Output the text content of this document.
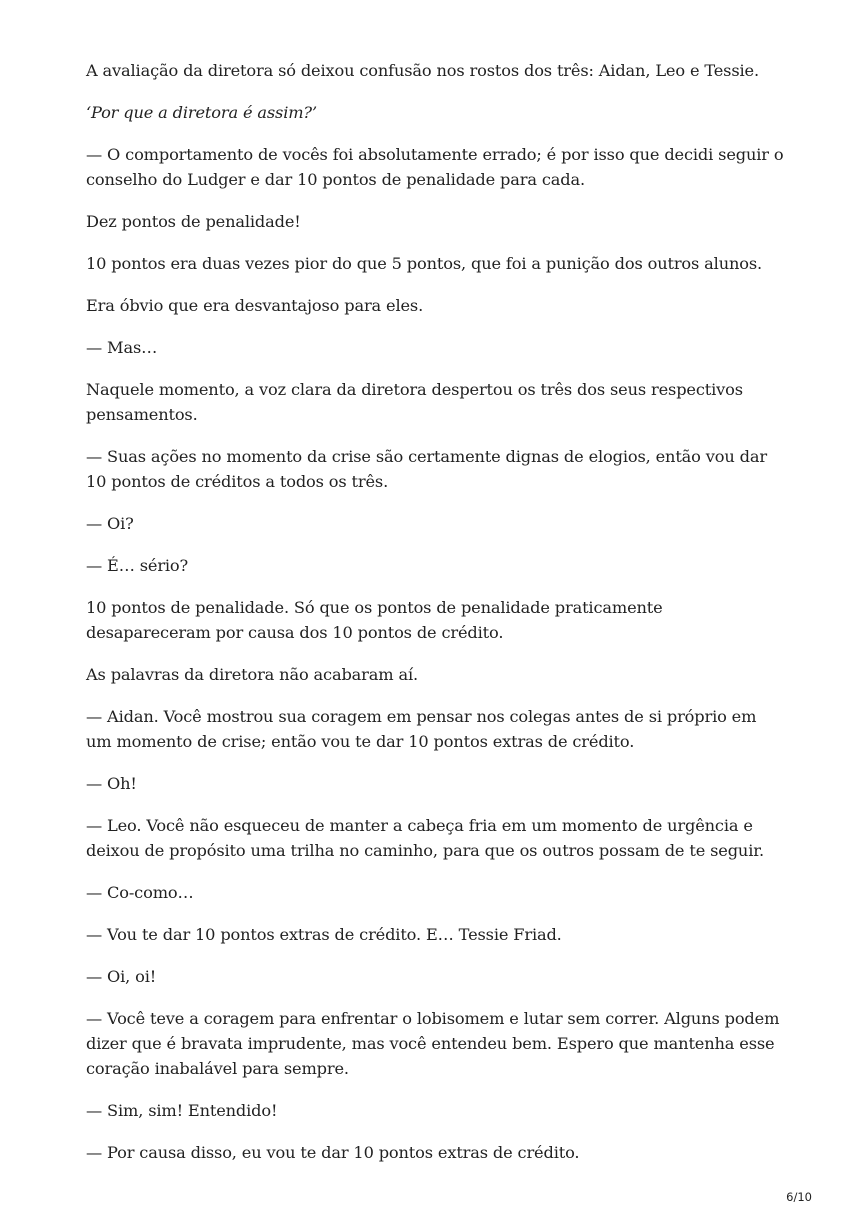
A avaliação da diretora só deixou confusão nos rostos dos três: Aidan, Leo e Tessie.

‘Por que a diretora é assim?’

— O comportamento de vocês foi absolutamente errado; é por isso que decidi seguir o conselho do Ludger e dar 10 pontos de penalidade para cada.

Dez pontos de penalidade!

10 pontos era duas vezes pior do que 5 pontos, que foi a punição dos outros alunos.

Era óbvio que era desvantajoso para eles.

— Mas…

Naquele momento, a voz clara da diretora despertou os três dos seus respectivos pensamentos.

— Suas ações no momento da crise são certamente dignas de elogios, então vou dar 10 pontos de créditos a todos os três.

— Oi?

— É… sério?

10 pontos de penalidade. Só que os pontos de penalidade praticamente desapareceram por causa dos 10 pontos de crédito.

As palavras da diretora não acabaram aí.

— Aidan. Você mostrou sua coragem em pensar nos colegas antes de si próprio em um momento de crise; então vou te dar 10 pontos extras de crédito.

— Oh!

— Leo. Você não esqueceu de manter a cabeça fria em um momento de urgência e deixou de propósito uma trilha no caminho, para que os outros possam de te seguir.

— Co-como…

— Vou te dar 10 pontos extras de crédito. E… Tessie Friad.

— Oi, oi!

— Você teve a coragem para enfrentar o lobisomem e lutar sem correr. Alguns podem dizer que é bravata imprudente, mas você entendeu bem. Espero que mantenha esse coração inabalável para sempre.

— Sim, sim! Entendido!

— Por causa disso, eu vou te dar 10 pontos extras de crédito.

6/10
